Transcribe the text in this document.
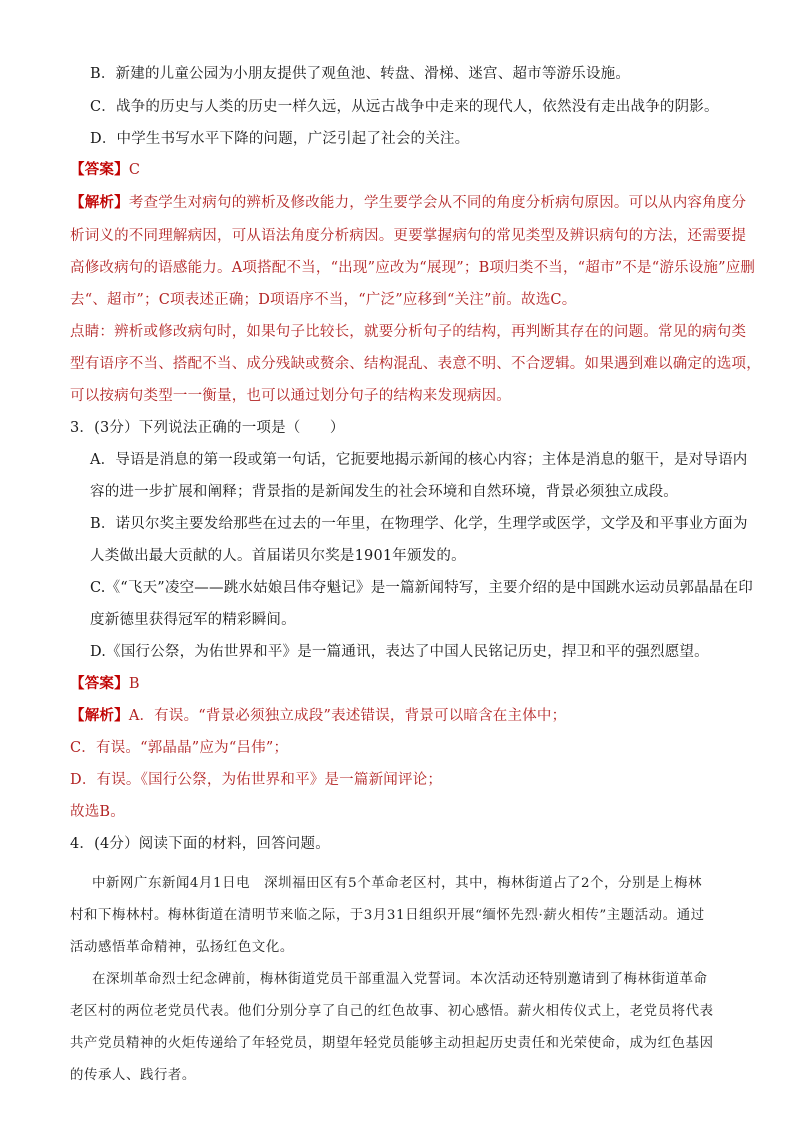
B．新建的儿童公园为小朋友提供了观鱼池、转盘、滑梯、迷宫、超市等游乐设施。
C．战争的历史与人类的历史一样久远，从远古战争中走来的现代人，依然没有走出战争的阴影。
D．中学生书写水平下降的问题，广泛引起了社会的关注。
【答案】C
【解析】考查学生对病句的辨析及修改能力，学生要学会从不同的角度分析病句原因。可以从内容角度分
析词义的不同理解病因，可从语法角度分析病因。更要掌握病句的常见类型及辨识病句的方法，还需要提
高修改病句的语感能力。A项搭配不当，“出现”应改为“展现”；B项归类不当，“超市”不是“游乐设施”应删
去“、超市”；C项表述正确；D项语序不当，“广泛”应移到“关注”前。故选C。
点睛：辨析或修改病句时，如果句子比较长，就要分析句子的结构，再判断其存在的问题。常见的病句类
型有语序不当、搭配不当、成分残缺或赘余、结构混乱、表意不明、不合逻辑。如果遇到难以确定的选项，
可以按病句类型一一衡量，也可以通过划分句子的结构来发现病因。
3．(3分）下列说法正确的一项是（　　）
A．导语是消息的第一段或第一句话，它扼要地揭示新闻的核心内容；主体是消息的躯干，是对导语内
容的进一步扩展和阐释；背景指的是新闻发生的社会环境和自然环境，背景必须独立成段。
B．诺贝尔奖主要发给那些在过去的一年里，在物理学、化学，生理学或医学，文学及和平事业方面为
人类做出最大贡献的人。首届诺贝尔奖是1901年颁发的。
C.《“飞天”凌空——跳水姑娘吕伟夺魁记》是一篇新闻特写，主要介绍的是中国跳水运动员郭晶晶在印
度新德里获得冠军的精彩瞬间。
D.《国行公祭，为佑世界和平》是一篇通讯，表达了中国人民铭记历史，捍卫和平的强烈愿望。
【答案】B
【解析】A．有误。“背景必须独立成段”表述错误，背景可以暗含在主体中；
C．有误。“郭晶晶”应为“吕伟”；
D．有误。《国行公祭，为佑世界和平》是一篇新闻评论；
故选B。
4．(4分）阅读下面的材料，回答问题。
中新网广东新闻4月1日电　深圳福田区有5个革命老区村，其中，梅林街道占了2个，分别是上梅林
村和下梅林村。梅林街道在清明节来临之际，于3月31日组织开展“缅怀先烈·薪火相传”主题活动。通过
活动感悟革命精神，弘扬红色文化。
在深圳革命烈士纪念碑前，梅林街道党员干部重温入党誓词。本次活动还特别邀请到了梅林街道革命
老区村的两位老党员代表。他们分别分享了自己的红色故事、初心感悟。薪火相传仪式上，老党员将代表
共产党员精神的火炬传递给了年轻党员，期望年轻党员能够主动担起历史责任和光荣使命，成为红色基因
的传承人、践行者。
